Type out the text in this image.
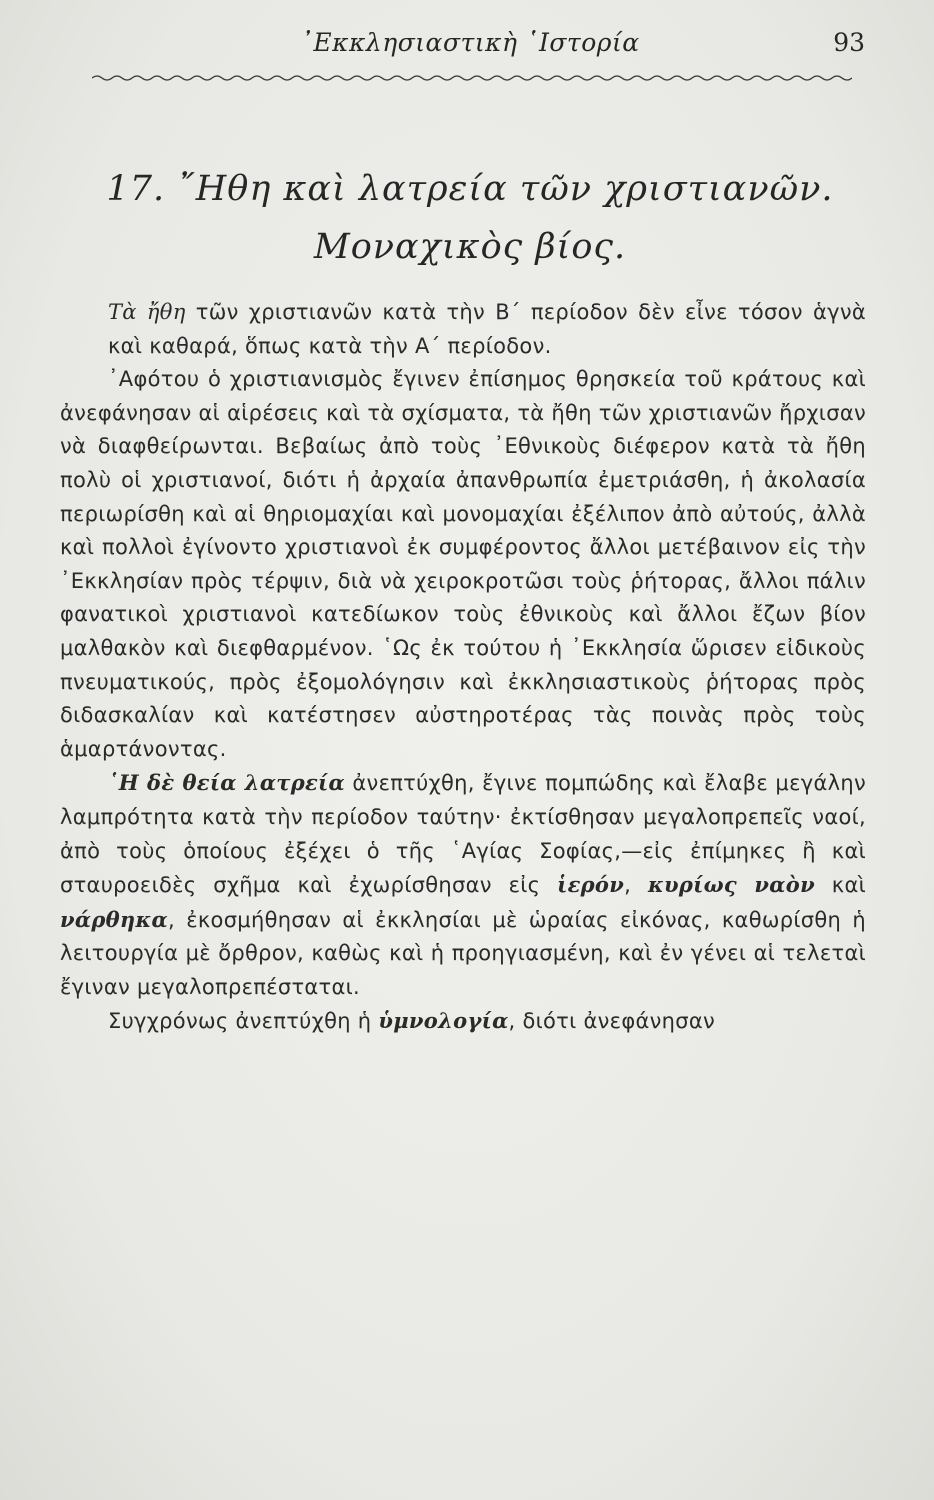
᾿Εκκλησιαστικὴ ῾Ιστορία	93
17. ῎Ηθη καὶ λατρεία τῶν χριστιανῶν.
Μοναχικὸς βίος.

Τὰ ἤθη τῶν χριστιανῶν κατὰ τὴν Β΄ περίοδον δὲν εἶνε τόσον ἁγνὰ καὶ καθαρά, ὅπως κατὰ τὴν Α΄ περίοδον.

᾿Αφότου ὁ χριστιανισμὸς ἔγινεν ἐπίσημος θρησκεία τοῦ κράτους καὶ ἀνεφάνησαν αἱ αἱρέσεις καὶ τὰ σχίσματα, τὰ ἤθη τῶν χριστιανῶν ἤρχισαν νὰ διαφθείρωνται. Βεβαίως ἀπὸ τοὺς ᾿Εθνικοὺς διέφερον κατὰ τὰ ἤθη πολὺ οἱ χριστιανοί, διότι ἡ ἀρχαία ἀπανθρωπία ἐμετριάσθη, ἡ ἀκολασία περιωρίσθη καὶ αἱ θηριομαχίαι καὶ μονομαχίαι ἐξέλιπον ἀπὸ αὐτούς, ἀλλὰ καὶ πολλοὶ ἐγίνοντο χριστιανοὶ ἐκ συμφέροντος ἄλλοι μετέβαινον εἰς τὴν ᾿Εκκλησίαν πρὸς τέρψιν, διὰ νὰ χειροκροτῶσι τοὺς ῥήτορας, ἄλλοι πάλιν φανατικοὶ χριστιανοὶ κατεδίωκον τοὺς ἐθνικοὺς καὶ ἄλλοι ἔζων βίον μαλθακὸν καὶ διεφθαρμένον. ῾Ως ἐκ τούτου ἡ ᾿Εκκλησία ὥρισεν εἰδικοὺς πνευματικούς, πρὸς ἐξομολόγησιν καὶ ἐκκλησιαστικοὺς ῥήτορας πρὸς διδασκαλίαν καὶ κατέστησεν αὐστηροτέρας τὰς ποινὰς πρὸς τοὺς ἁμαρτάνοντας.

῾Η δὲ θεία λατρεία ἀνεπτύχθη, ἔγινε πομπώδης καὶ ἔλαβε μεγάλην λαμπρότητα κατὰ τὴν περίοδον ταύτην· ἐκτίσθησαν μεγαλοπρεπεῖς ναοί, ἀπὸ τοὺς ὁποίους ἐξέχει ὁ τῆς ῾Αγίας Σοφίας,—εἰς ἐπίμηκες ἢ καὶ σταυροειδὲς σχῆμα καὶ ἐχωρίσθησαν εἰς ἱερόν, κυρίως ναὸν καὶ νάρθηκα, ἐκοσμήθησαν αἱ ἐκκλησίαι μὲ ὡραίας εἰκόνας, καθωρίσθη ἡ λειτουργία μὲ ὄρθρον, καθὼς καὶ ἡ προηγιασμένη, καὶ ἐν γένει αἱ τελεταὶ ἔγιναν μεγαλοπρεπέσταται.

Συγχρόνως ἀνεπτύχθη ἡ ὑμνολογία, διότι ἀνεφάνησαν
